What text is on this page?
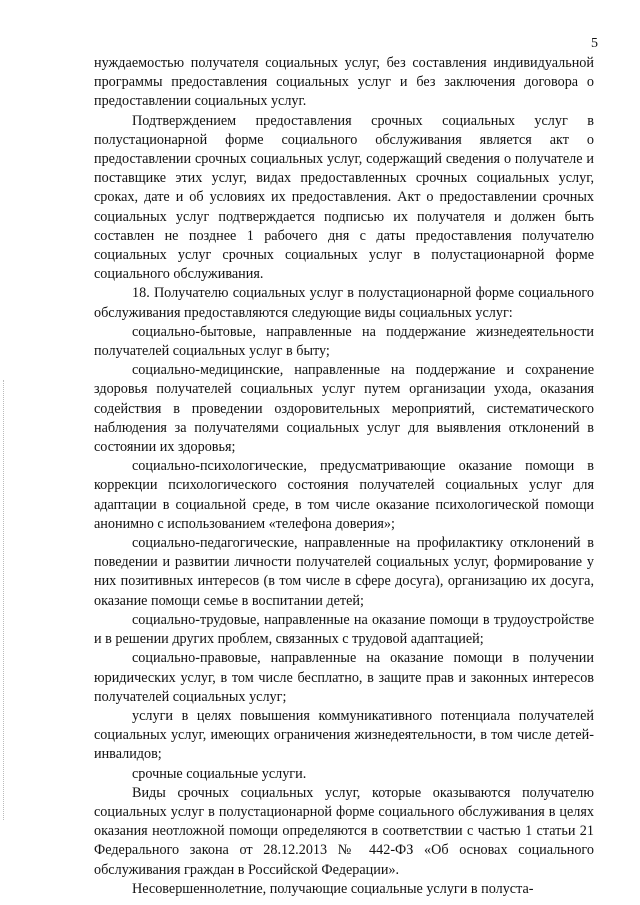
5

нуждаемостью получателя социальных услуг, без составления индивидуальной программы предоставления социальных услуг и без заключения договора о предоставлении социальных услуг.

Подтверждением предоставления срочных социальных услуг в полустационарной форме социального обслуживания является акт о предоставлении срочных социальных услуг, содержащий сведения о получателе и поставщике этих услуг, видах предоставленных срочных социальных услуг, сроках, дате и об условиях их предоставления. Акт о предоставлении срочных социальных услуг подтверждается подписью их получателя и должен быть составлен не позднее 1 рабочего дня с даты предоставления получателю социальных услуг срочных социальных услуг в полустационарной форме социального обслуживания.

18. Получателю социальных услуг в полустационарной форме социального обслуживания предоставляются следующие виды социальных услуг:

социально-бытовые, направленные на поддержание жизнедеятельности получателей социальных услуг в быту;

социально-медицинские, направленные на поддержание и сохранение здоровья получателей социальных услуг путем организации ухода, оказания содействия в проведении оздоровительных мероприятий, систематического наблюдения за получателями социальных услуг для выявления отклонений в состоянии их здоровья;

социально-психологические, предусматривающие оказание помощи в коррекции психологического состояния получателей социальных услуг для адаптации в социальной среде, в том числе оказание психологической помощи анонимно с использованием «телефона доверия»;

социально-педагогические, направленные на профилактику отклонений в поведении и развитии личности получателей социальных услуг, формирование у них позитивных интересов (в том числе в сфере досуга), организацию их досуга, оказание помощи семье в воспитании детей;

социально-трудовые, направленные на оказание помощи в трудоустройстве и в решении других проблем, связанных с трудовой адаптацией;

социально-правовые, направленные на оказание помощи в получении юридических услуг, в том числе бесплатно, в защите прав и законных интересов получателей социальных услуг;

услуги в целях повышения коммуникативного потенциала получателей социальных услуг, имеющих ограничения жизнедеятельности, в том числе детей-инвалидов;

срочные социальные услуги.

Виды срочных социальных услуг, которые оказываются получателю социальных услуг в полустационарной форме социального обслуживания в целях оказания неотложной помощи определяются в соответствии с частью 1 статьи 21 Федерального закона от 28.12.2013 № 442-ФЗ «Об основах социального обслуживания граждан в Российской Федерации».

Несовершеннолетние, получающие социальные услуги в полуста-
